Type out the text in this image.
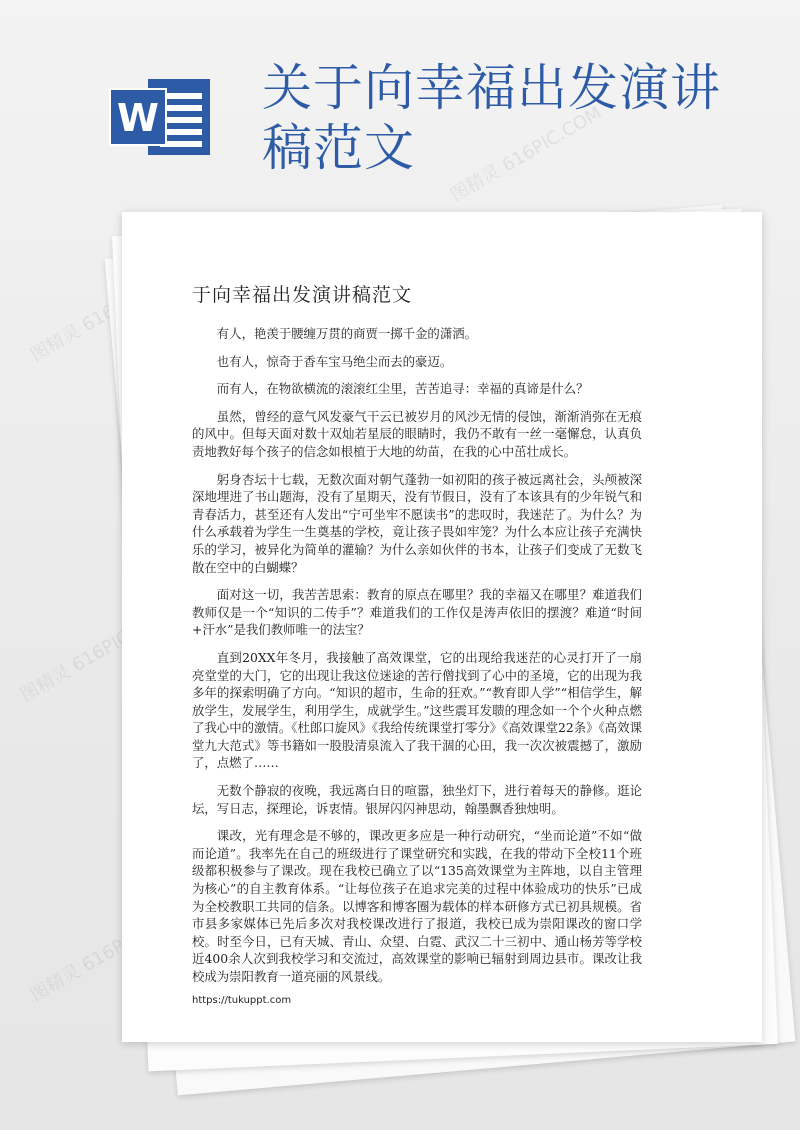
W
关于向幸福出发演讲稿范文
于向幸福出发演讲稿范文

有人，艳羡于腰缠万贯的商贾一掷千金的潇洒。

也有人，惊奇于香车宝马绝尘而去的豪迈。

而有人，在物欲横流的滚滚红尘里，苦苦追寻：幸福的真谛是什么？

虽然，曾经的意气风发豪气干云已被岁月的风沙无情的侵蚀，渐渐消弥在无痕的风中。但每天面对数十双灿若星辰的眼睛时，我仍不敢有一丝一毫懈怠，认真负责地教好每个孩子的信念如根植于大地的幼苗，在我的心中茁壮成长。

躬身杏坛十七载，无数次面对朝气蓬勃一如初阳的孩子被远离社会，头颅被深深地埋进了书山题海，没有了星期天，没有节假日，没有了本该具有的少年锐气和青春活力，甚至还有人发出“宁可坐牢不愿读书”的悲叹时，我迷茫了。为什么？为什么承载着为学生一生奠基的学校，竟让孩子畏如牢笼？为什么本应让孩子充满快乐的学习，被异化为简单的灌输？为什么亲如伙伴的书本，让孩子们变成了无数飞散在空中的白蝴蝶？

面对这一切，我苦苦思索：教育的原点在哪里？我的幸福又在哪里？难道我们教师仅是一个“知识的二传手”？难道我们的工作仅是涛声依旧的摆渡？难道“时间+汗水”是我们教师唯一的法宝？

直到20XX年冬月，我接触了高效课堂，它的出现给我迷茫的心灵打开了一扇亮堂堂的大门，它的出现让我这位迷途的苦行僧找到了心中的圣境，它的出现为我多年的探索明确了方向。“知识的超市，生命的狂欢。”“教育即人学”“相信学生，解放学生，发展学生，利用学生，成就学生。”这些震耳发聩的理念如一个个火种点燃了我心中的激情。《杜郎口旋风》《我给传统课堂打零分》《高效课堂22条》《高效课堂九大范式》等书籍如一股股清泉流入了我干涸的心田，我一次次被震撼了，激励了，点燃了……

无数个静寂的夜晚，我远离白日的喧嚣，独坐灯下，进行着每天的静修。逛论坛，写日志，探理论，诉衷情。银屏闪闪神思动，翰墨飘香独烛明。

课改，光有理念是不够的，课改更多应是一种行动研究，“坐而论道”不如“做而论道”。我率先在自己的班级进行了课堂研究和实践，在我的带动下全校11个班级都积极参与了课改。现在我校已确立了以“135高效课堂为主阵地，以自主管理为核心”的自主教育体系。“让每位孩子在追求完美的过程中体验成功的快乐”已成为全校教职工共同的信条。以博客和博客圈为载体的样本研修方式已初具规模。省市县多家媒体已先后多次对我校课改进行了报道，我校已成为崇阳课改的窗口学校。时至今日，已有天城、青山、众望、白霓、武汉二十三初中、通山杨芳等学校近400余人次到我校学习和交流过，高效课堂的影响已辐射到周边县市。课改让我校成为崇阳教育一道亮丽的风景线。

https://tukuppt.com
